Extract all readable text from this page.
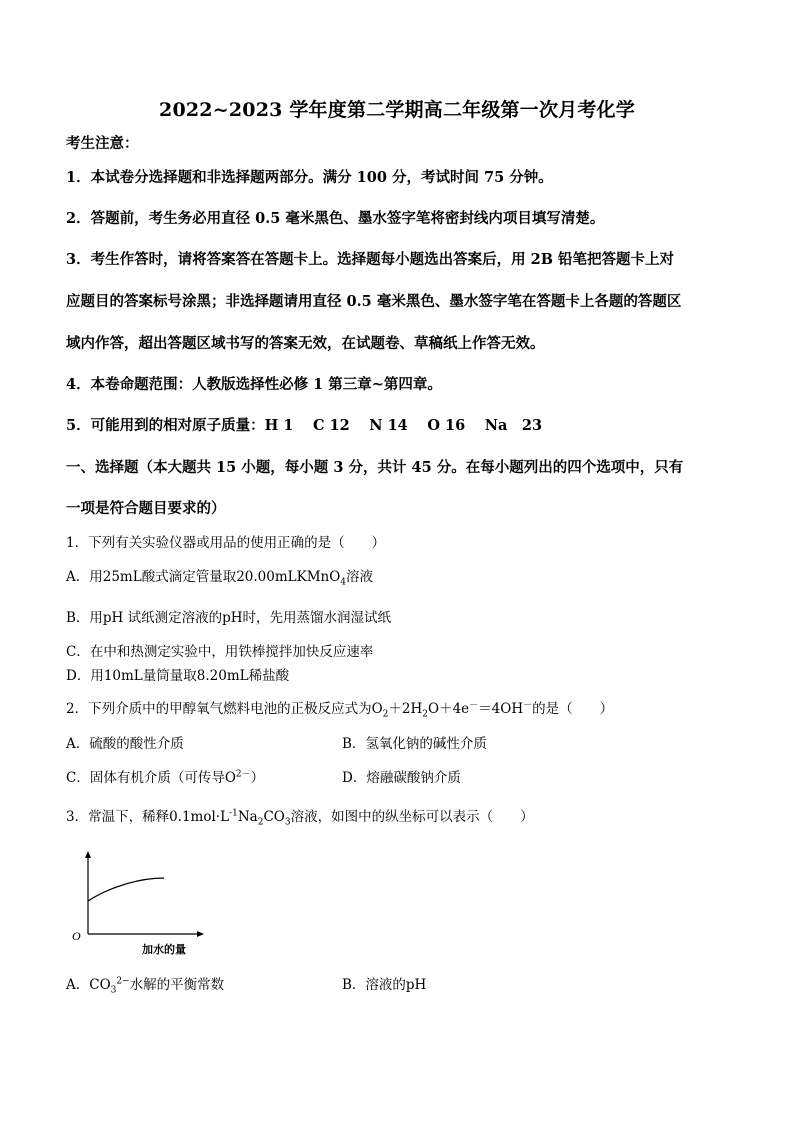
2022~2023 学年度第二学期高二年级第一次月考化学
考生注意：
1．本试卷分选择题和非选择题两部分。满分 100 分，考试时间 75 分钟。
2．答题前，考生务必用直径 0.5 毫米黑色、墨水签字笔将密封线内项目填写清楚。
3．考生作答时，请将答案答在答题卡上。选择题每小题选出答案后，用 2B 铅笔把答题卡上对
应题目的答案标号涂黑；非选择题请用直径 0.5 毫米黑色、墨水签字笔在答题卡上各题的答题区
域内作答，超出答题区域书写的答案无效，在试题卷、草稿纸上作答无效。
4．本卷命题范围：人教版选择性必修 1 第三章~第四章。
5．可能用到的相对原子质量：H 1　 C 12　 N 14　 O 16　 Na　23
一、选择题（本大题共 15 小题，每小题 3 分，共计 45 分。在每小题列出的四个选项中，只有
一项是符合题目要求的）
1．下列有关实验仪器或用品的使用正确的是（　　）
A．用25mL酸式滴定管量取20.00mLKMnO$_4$溶液
B．用pH 试纸测定溶液的pH时，先用蒸馏水润湿试纸
C．在中和热测定实验中，用铁棒搅拌加快反应速率
D．用10mL量筒量取8.20mL稀盐酸
2．下列介质中的甲醇氧气燃料电池的正极反应式为$O_2+2H_2O+4e^-=4OH^-$的是（　　）
A．硫酸的酸性介质	B．氢氧化钠的碱性介质
C．固体有机介质（可传导$O^{2-}$）	D．熔融碳酸钠介质
3．常温下，稀释$0.1mol\cdot L^{-1}Na_2CO_3$溶液，如图中的纵坐标可以表示（　　）
O
加水的量
A．$CO_3^{2-}$水解的平衡常数	B．溶液的pH
